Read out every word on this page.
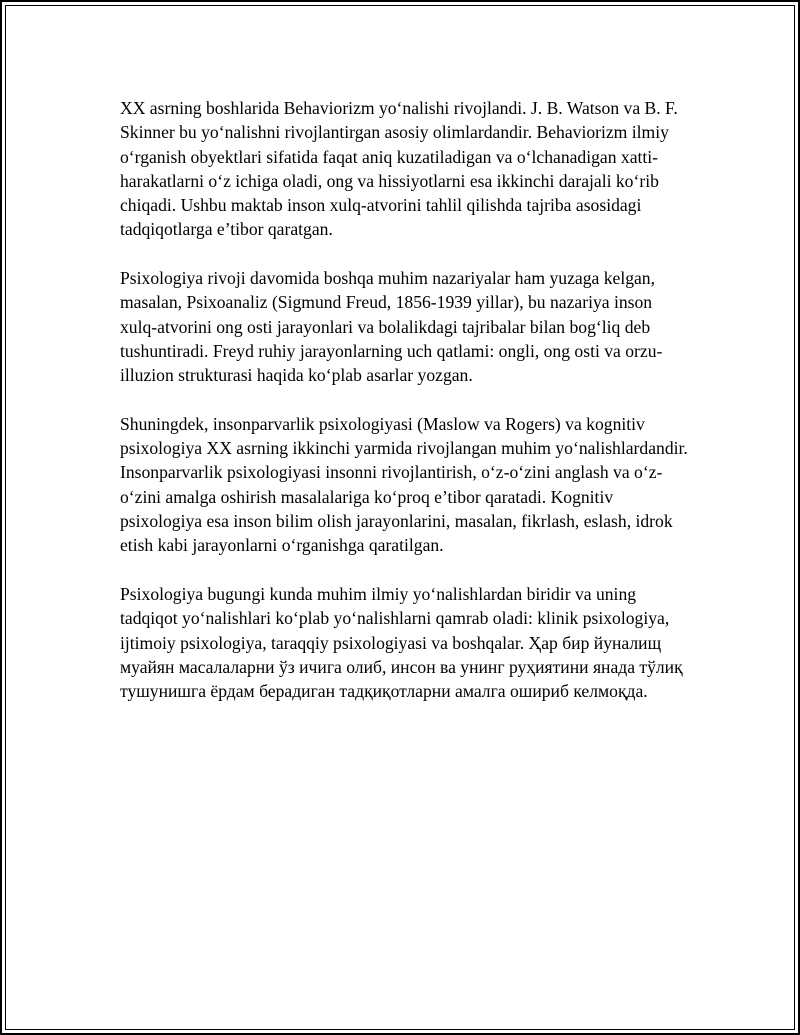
XX asrning boshlarida Behaviorizm yo‘nalishi rivojlandi. J. B. Watson va B. F. Skinner bu yo‘nalishni rivojlantirgan asosiy olimlardandir. Behaviorizm ilmiy o‘rganish obyektlari sifatida faqat aniq kuzatiladigan va o‘lchanadigan xatti-harakatlarni o‘z ichiga oladi, ong va hissiyotlarni esa ikkinchi darajali ko‘rib chiqadi. Ushbu maktab inson xulq-atvorini tahlil qilishda tajriba asosidagi tadqiqotlarga e’tibor qaratgan.

Psixologiya rivoji davomida boshqa muhim nazariyalar ham yuzaga kelgan, masalan, Psixoanaliz (Sigmund Freud, 1856-1939 yillar), bu nazariya inson xulq-atvorini ong osti jarayonlari va bolalikdagi tajribalar bilan bog‘liq deb tushuntiradi. Freyd ruhiy jarayonlarning uch qatlami: ongli, ong osti va orzu-illuzion strukturasi haqida ko‘plab asarlar yozgan.

Shuningdek, insonparvarlik psixologiyasi (Maslow va Rogers) va kognitiv psixologiya XX asrning ikkinchi yarmida rivojlangan muhim yo‘nalishlardandir. Insonparvarlik psixologiyasi insonni rivojlantirish, o‘z-o‘zini anglash va o‘z-o‘zini amalga oshirish masalalariga ko‘proq e’tibor qaratadi. Kognitiv psixologiya esa inson bilim olish jarayonlarini, masalan, fikrlash, eslash, idrok etish kabi jarayonlarni o‘rganishga qaratilgan.

Psixologiya bugungi kunda muhim ilmiy yo‘nalishlardan biridir va uning tadqiqot yo‘nalishlari ko‘plab yo‘nalishlarni qamrab oladi: klinik psixologiya, ijtimoiy psixologiya, taraqqiy psixologiyasi va boshqalar. Ҳар бир йуналищ муайян масалаларни ўз ичига олиб, инсон ва унинг руҳиятини янада тўлиқ тушунишга ёрдам берадиган тадқиқотларни амалга ошириб келмоқда.
